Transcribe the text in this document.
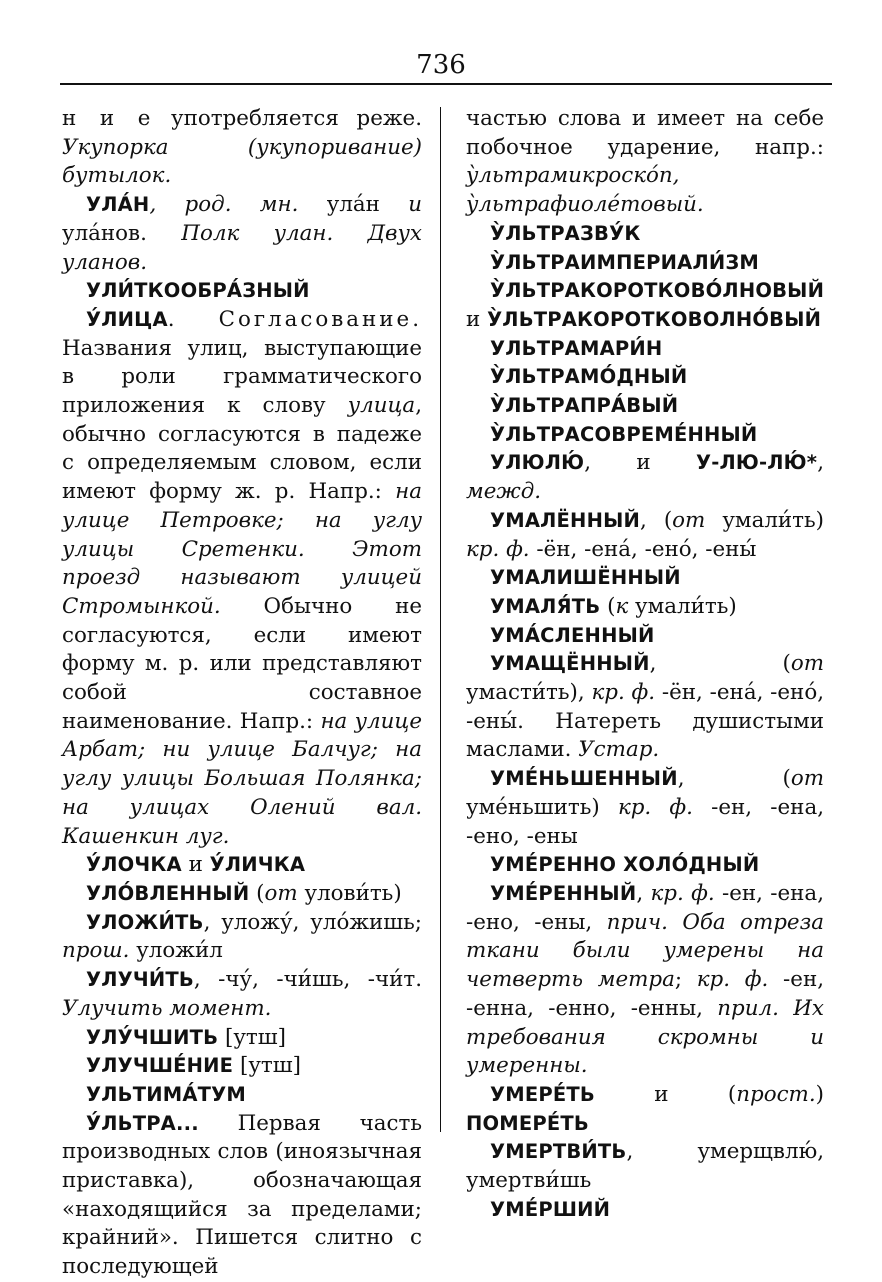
736

н и е употребляется реже. Укупорка (укупоривание) бутылок.

УЛА́Н, род. мн. ула́н и ула́нов. Полк улан. Двух уланов.

УЛИ́ТКООБРА́ЗНЫЙ

У́ЛИЦА. Согласование. Названия улиц, выступающие в роли грамматического приложения к слову улица, обычно согласуются в падеже с определяемым словом, если имеют форму ж. р. Напр.: на улице Петровке; на углу улицы Сретенки. Этот проезд называют улицей Стромынкой. Обычно не согласуются, если имеют форму м. р. или представляют собой составное наименование. Напр.: на улице Арбат; ни улице Балчуг; на углу улицы Большая Полянка; на улицах Олений вал. Кашенкин луг.

У́ЛОЧКА и У́ЛИЧКА

УЛО́ВЛЕННЫЙ (от улови́ть)

УЛОЖИ́ТЬ, уложу́, уло́жишь; прош. уложи́л

УЛУЧИ́ТЬ, -чу́, -чи́шь, -чи́т. Улучить момент.

УЛУ́ЧШИТЬ [утш]

УЛУЧШЕ́НИЕ [утш]

УЛЬТИМА́ТУМ

У́ЛЬТРА... Первая часть производных слов (иноязычная приставка), обозначающая «находящийся за пределами; крайний». Пишется слитно с последующей

частью слова и имеет на себе побочное ударение, напр.: у̀льтрамикроско́п, у̀льтрафиоле́товый.

У̀ЛЬТРАЗВУ́К

У̀ЛЬТРАИМПЕРИАЛИ́ЗМ

У̀ЛЬТРАКОРОТКОВО́ЛНОВЫЙ

и У̀ЛЬТРАКОРОТКОВОЛНО́ВЫЙ

УЛЬТРАМАРИ́Н

У̀ЛЬТРАМО́ДНЫЙ

У̀ЛЬТРАПРА́ВЫЙ

У̀ЛЬТРАСОВРЕМЕ́ННЫЙ

УЛЮЛЮ́, и У-ЛЮ-ЛЮ́*, межд.

УМАЛЁННЫЙ, (от умали́ть) кр. ф. -ён, -ена́, -ено́, -ены́

УМАЛИШЁННЫЙ

УМАЛЯ́ТЬ (к умали́ть)

УМА́СЛЕННЫЙ

УМАЩЁННЫЙ, (от умасти́ть), кр. ф. -ён, -ена́, -ено́, -ены́. Натереть душистыми маслами. Устар.

УМЕ́НЬШЕННЫЙ, (от уме́ньшить) кр. ф. -ен, -ена, -ено, -ены

УМЕ́РЕННО ХОЛО́ДНЫЙ

УМЕ́РЕННЫЙ, кр. ф. -ен, -ена, -ено, -ены, прич. Оба отреза ткани были умерены на четверть метра; кр. ф. -ен, -енна, -енно, -енны, прил. Их требования скромны и умеренны.

УМЕРЕ́ТЬ и (прост.) ПОМЕРЕ́ТЬ

УМЕРТВИ́ТЬ, умерщвлю́, умертви́шь

УМЕ́РШИЙ
